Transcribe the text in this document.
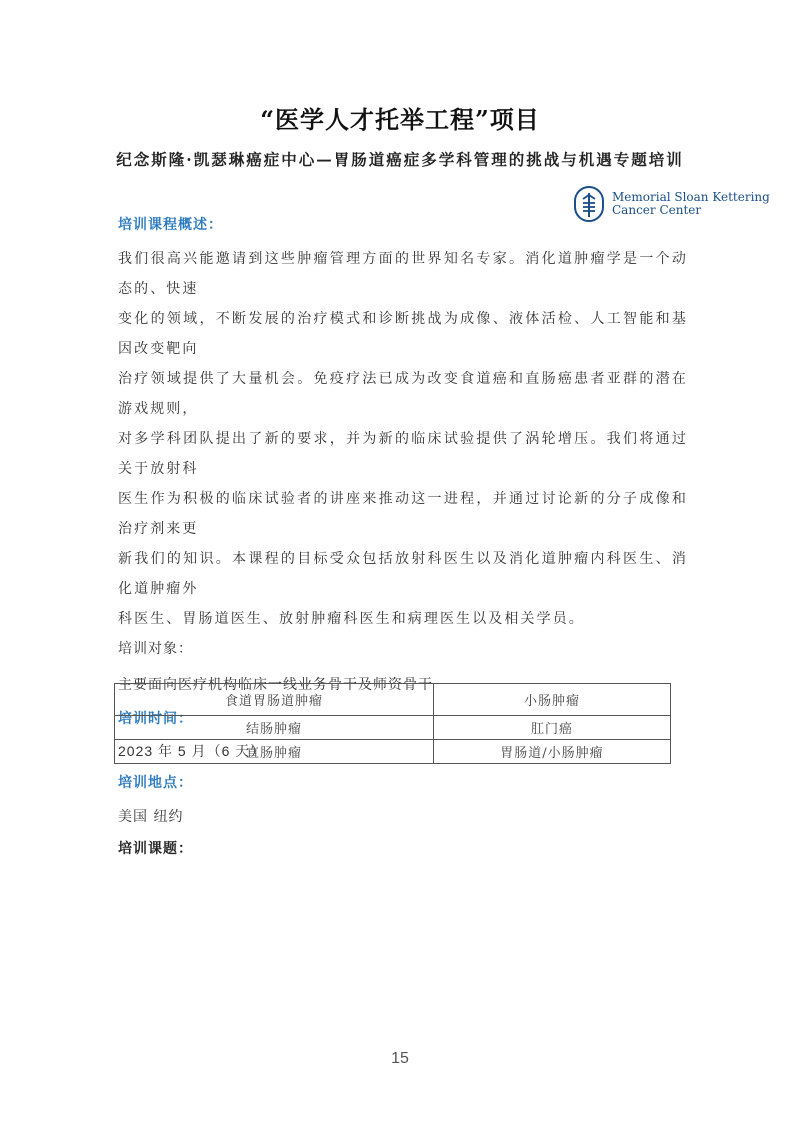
“医学人才托举工程”项目
纪念斯隆·凯瑟琳癌症中心—胃肠道癌症多学科管理的挑战与机遇专题培训
Memorial Sloan Kettering
Cancer Center
培训课程概述：

我们很高兴能邀请到这些肿瘤管理方面的世界知名专家。消化道肿瘤学是一个动态的、快速

变化的领域，不断发展的治疗模式和诊断挑战为成像、液体活检、人工智能和基因改变靶向

治疗领域提供了大量机会。免疫疗法已成为改变食道癌和直肠癌患者亚群的潜在游戏规则，

对多学科团队提出了新的要求，并为新的临床试验提供了涡轮增压。我们将通过关于放射科

医生作为积极的临床试验者的讲座来推动这一进程，并通过讨论新的分子成像和治疗剂来更

新我们的知识。本课程的目标受众包括放射科医生以及消化道肿瘤内科医生、消化道肿瘤外

科医生、胃肠道医生、放射肿瘤科医生和病理医生以及相关学员。

培训对象：
主要面向医疗机构临床一线业务骨干及师资骨干
培训时间：
2023 年 5 月（6 天）
培训地点：
美国 纽约
培训课题：
食道胃肠道肿瘤	小肠肿瘤
结肠肿瘤	肛门癌
直肠肿瘤	胃肠道/小肠肿瘤
15
